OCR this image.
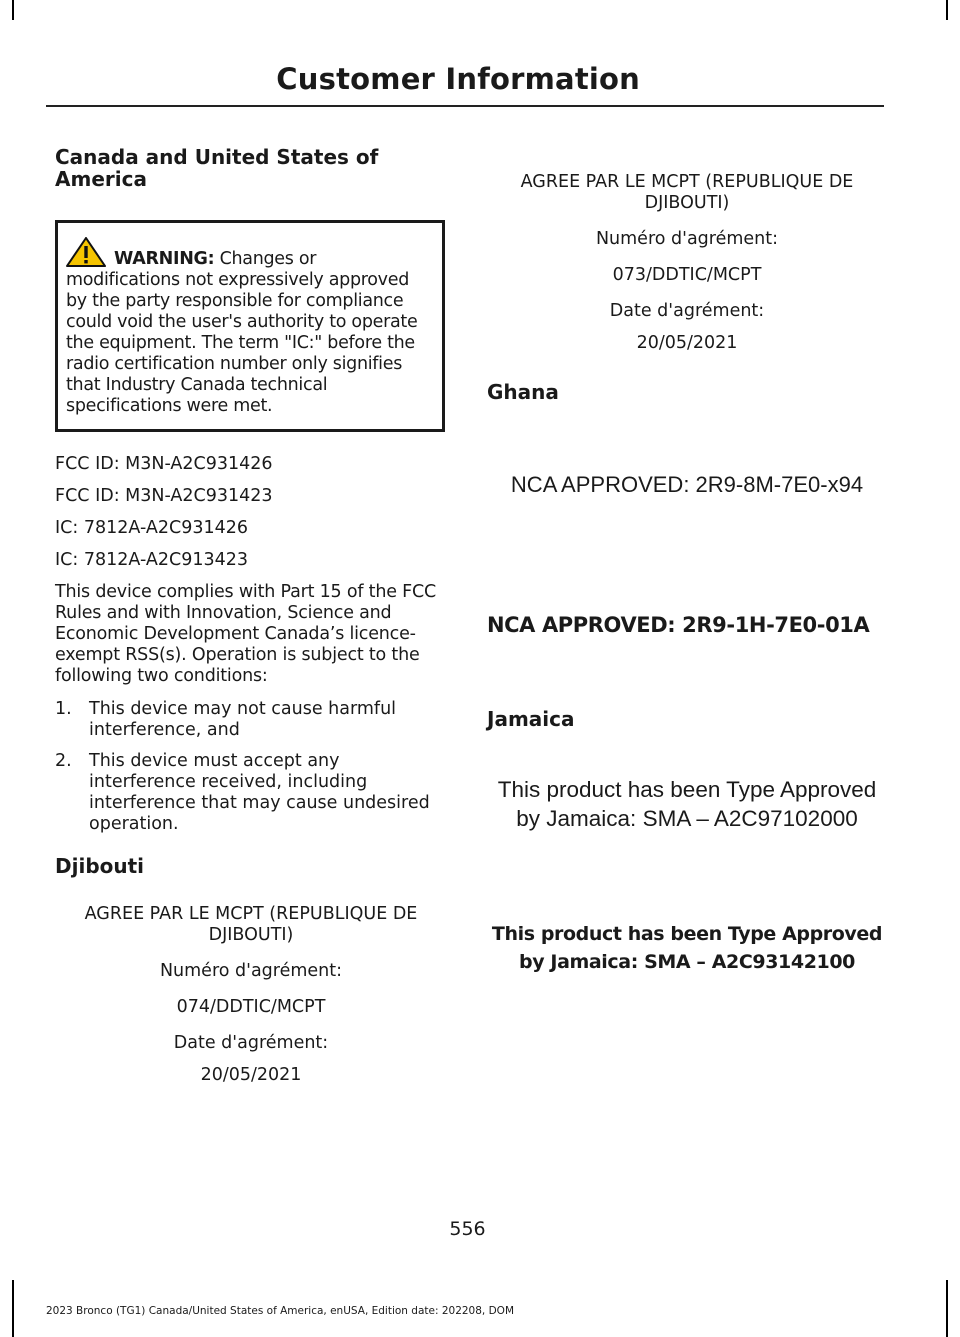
Customer Information
Canada and United States of America
WARNING: Changes or modifications not expressively approved by the party responsible for compliance could void the user's authority to operate the equipment. The term "IC:" before the radio certification number only signifies that Industry Canada technical specifications were met.
FCC ID: M3N-A2C931426
FCC ID: M3N-A2C931423
IC: 7812A-A2C931426
IC: 7812A-A2C913423
This device complies with Part 15 of the FCC Rules and with Innovation, Science and Economic Development Canada’s licence-exempt RSS(s). Operation is subject to the following two conditions:
1. This device may not cause harmful interference, and
2. This device must accept any interference received, including interference that may cause undesired operation.
Djibouti
AGREE PAR LE MCPT (REPUBLIQUE DE DJIBOUTI)
Numéro d'agrément:
074/DDTIC/MCPT
Date d'agrément:
20/05/2021
AGREE PAR LE MCPT (REPUBLIQUE DE DJIBOUTI)
Numéro d'agrément:
073/DDTIC/MCPT
Date d'agrément:
20/05/2021
Ghana
NCA APPROVED: 2R9-8M-7E0-x94
NCA APPROVED: 2R9-1H-7E0-01A
Jamaica
This product has been Type Approved
by Jamaica: SMA – A2C97102000
This product has been Type Approved
by Jamaica: SMA – A2C93142100
556
2023 Bronco (TG1) Canada/United States of America, enUSA, Edition date: 202208, DOM
